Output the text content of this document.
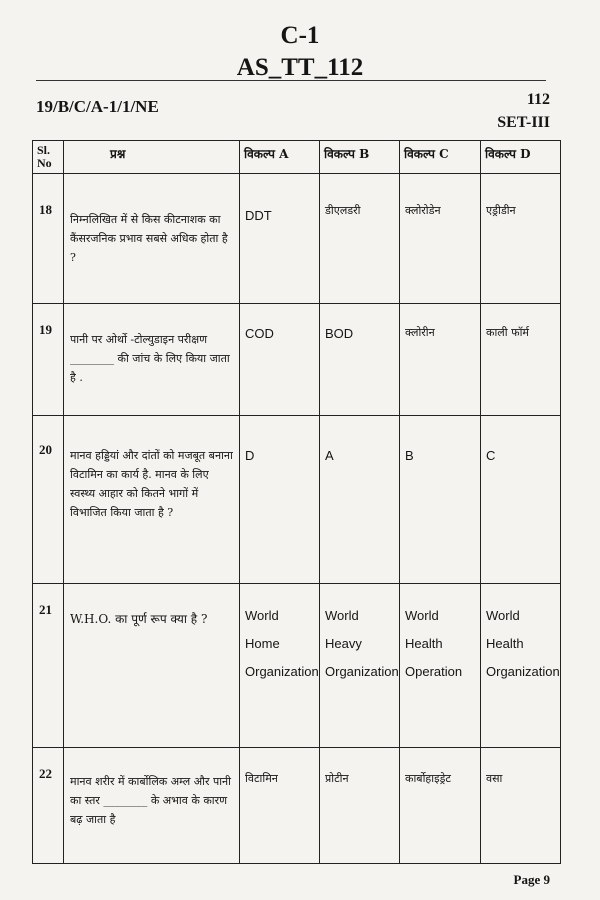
C-1
AS_TT_112
19/B/C/A-1/1/NE	112
SET-III
Sl. No	प्रश्न	विकल्प A	विकल्प B	विकल्प C	विकल्प D
18	निम्नलिखित में से किस कीटनाशक का कैंसरजनिक प्रभाव सबसे अधिक होता है ?	DDT	डीएलडरी	क्लोरोडेन	एड्रीडीन
19	पानी पर ओर्थो -टोल्युडाइन परीक्षण ________ की जांच के लिए किया जाता है .	COD	BOD	क्लोरीन	काली फॉर्म
20	मानव हड्डियां और दांतों को मजबूत बनाना विटामिन का कार्य है. मानव के लिए स्वस्थ्य आहार को कितने भागों में विभाजित किया जाता है ?	D	A	B	C
21	W.H.O. का पूर्ण रूप क्या है ?	World Home Organization	World Heavy Organization	World Health Operation	World Health Organization
22	मानव शरीर में कार्बोलिक अम्ल और पानी का स्तर ________ के अभाव के कारण बढ़ जाता है	विटामिन	प्रोटीन	कार्बोहाइड्रेट	वसा
Page 9
